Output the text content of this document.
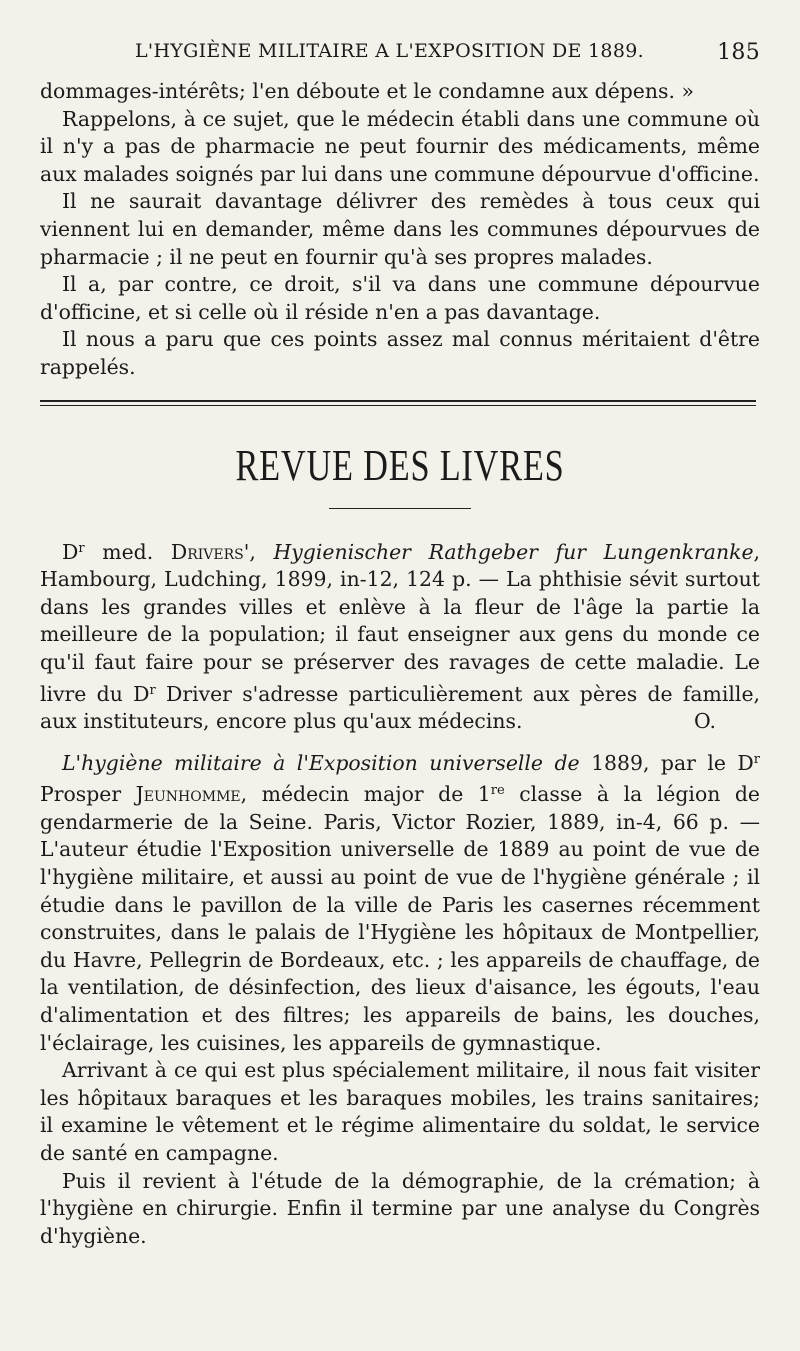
L'HYGIÈNE MILITAIRE A L'EXPOSITION DE 1889.	185

dommages-intérêts; l'en déboute et le condamne aux dépens. »

Rappelons, à ce sujet, que le médecin établi dans une commune où il n'y a pas de pharmacie ne peut fournir des médicaments, même aux malades soignés par lui dans une commune dépourvue d'officine.

Il ne saurait davantage délivrer des remèdes à tous ceux qui viennent lui en demander, même dans les communes dépourvues de pharmacie ; il ne peut en fournir qu'à ses propres malades.

Il a, par contre, ce droit, s'il va dans une commune dépourvue d'officine, et si celle où il réside n'en a pas davantage.

Il nous a paru que ces points assez mal connus méritaient d'être rappelés.

REVUE DES LIVRES

$D^r$ med. Drivers', Hygienischer Rathgeber fur Lungenkranke, Hambourg, Ludching, 1899, in-12, 124 p. — La phthisie sévit surtout dans les grandes villes et enlève à la fleur de l'âge la partie la meilleure de la population; il faut enseigner aux gens du monde ce qu'il faut faire pour se préserver des ravages de cette maladie. Le livre du $D^r$ Driver s'adresse particulièrement aux pères de famille, aux instituteurs, encore plus qu'aux médecins.	O.

L'hygiène militaire à l'Exposition universelle de 1889, par le $D^r$ Prosper Jeunhomme, médecin major de 1re classe à la légion de gendarmerie de la Seine. Paris, Victor Rozier, 1889, in-4, 66 p. — L'auteur étudie l'Exposition universelle de 1889 au point de vue de l'hygiène militaire, et aussi au point de vue de l'hygiène générale ; il étudie dans le pavillon de la ville de Paris les casernes récemment construites, dans le palais de l'Hygiène les hôpitaux de Montpellier, du Havre, Pellegrin de Bordeaux, etc. ; les appareils de chauffage, de la ventilation, de désinfection, des lieux d'aisance, les égouts, l'eau d'alimentation et des filtres; les appareils de bains, les douches, l'éclairage, les cuisines, les appareils de gymnastique.

Arrivant à ce qui est plus spécialement militaire, il nous fait visiter les hôpitaux baraques et les baraques mobiles, les trains sanitaires; il examine le vêtement et le régime alimentaire du soldat, le service de santé en campagne.

Puis il revient à l'étude de la démographie, de la crémation; à l'hygiène en chirurgie. Enfin il termine par une analyse du Congrès d'hygiène.
